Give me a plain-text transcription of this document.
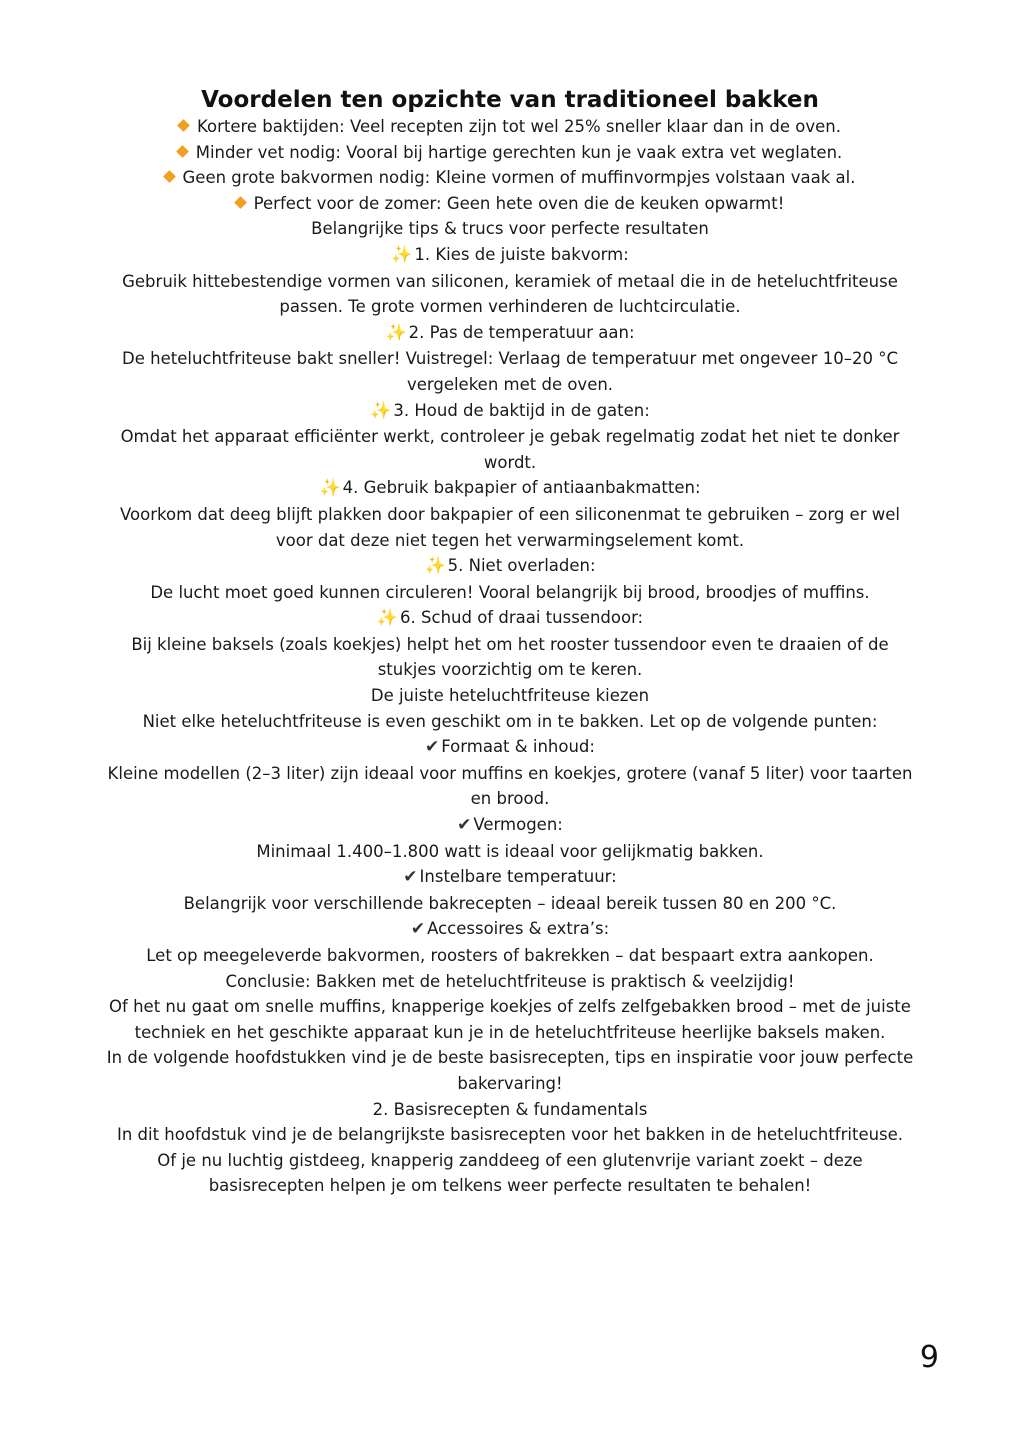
Voordelen ten opzichte van traditioneel bakken

Kortere baktijden: Veel recepten zijn tot wel 25% sneller klaar dan in de oven.

Minder vet nodig: Vooral bij hartige gerechten kun je vaak extra vet weglaten.

Geen grote bakvormen nodig: Kleine vormen of muffinvormpjes volstaan vaak al.

Perfect voor de zomer: Geen hete oven die de keuken opwarmt!

Belangrijke tips & trucs voor perfecte resultaten

✨ 1. Kies de juiste bakvorm:

Gebruik hittebestendige vormen van siliconen, keramiek of metaal die in de heteluchtfriteuse

passen. Te grote vormen verhinderen de luchtcirculatie.

✨ 2. Pas de temperatuur aan:

De heteluchtfriteuse bakt sneller! Vuistregel: Verlaag de temperatuur met ongeveer 10–20 °C

vergeleken met de oven.

✨ 3. Houd de baktijd in de gaten:

Omdat het apparaat efficiënter werkt, controleer je gebak regelmatig zodat het niet te donker

wordt.

✨ 4. Gebruik bakpapier of antiaanbakmatten:

Voorkom dat deeg blijft plakken door bakpapier of een siliconenmat te gebruiken – zorg er wel

voor dat deze niet tegen het verwarmingselement komt.

✨ 5. Niet overladen:

De lucht moet goed kunnen circuleren! Vooral belangrijk bij brood, broodjes of muffins.

✨ 6. Schud of draai tussendoor:

Bij kleine baksels (zoals koekjes) helpt het om het rooster tussendoor even te draaien of de

stukjes voorzichtig om te keren.

De juiste heteluchtfriteuse kiezen

Niet elke heteluchtfriteuse is even geschikt om in te bakken. Let op de volgende punten:

✔ Formaat & inhoud:

Kleine modellen (2–3 liter) zijn ideaal voor muffins en koekjes, grotere (vanaf 5 liter) voor taarten

en brood.

✔ Vermogen:

Minimaal 1.400–1.800 watt is ideaal voor gelijkmatig bakken.

✔ Instelbare temperatuur:

Belangrijk voor verschillende bakrecepten – ideaal bereik tussen 80 en 200 °C.

✔ Accessoires & extra’s:

Let op meegeleverde bakvormen, roosters of bakrekken – dat bespaart extra aankopen.

Conclusie: Bakken met de heteluchtfriteuse is praktisch & veelzijdig!

Of het nu gaat om snelle muffins, knapperige koekjes of zelfs zelfgebakken brood – met de juiste

techniek en het geschikte apparaat kun je in de heteluchtfriteuse heerlijke baksels maken.

In de volgende hoofdstukken vind je de beste basisrecepten, tips en inspiratie voor jouw perfecte

bakervaring!

2. Basisrecepten & fundamentals

In dit hoofdstuk vind je de belangrijkste basisrecepten voor het bakken in de heteluchtfriteuse.

Of je nu luchtig gistdeeg, knapperig zanddeeg of een glutenvrije variant zoekt – deze

basisrecepten helpen je om telkens weer perfecte resultaten te behalen!

9
